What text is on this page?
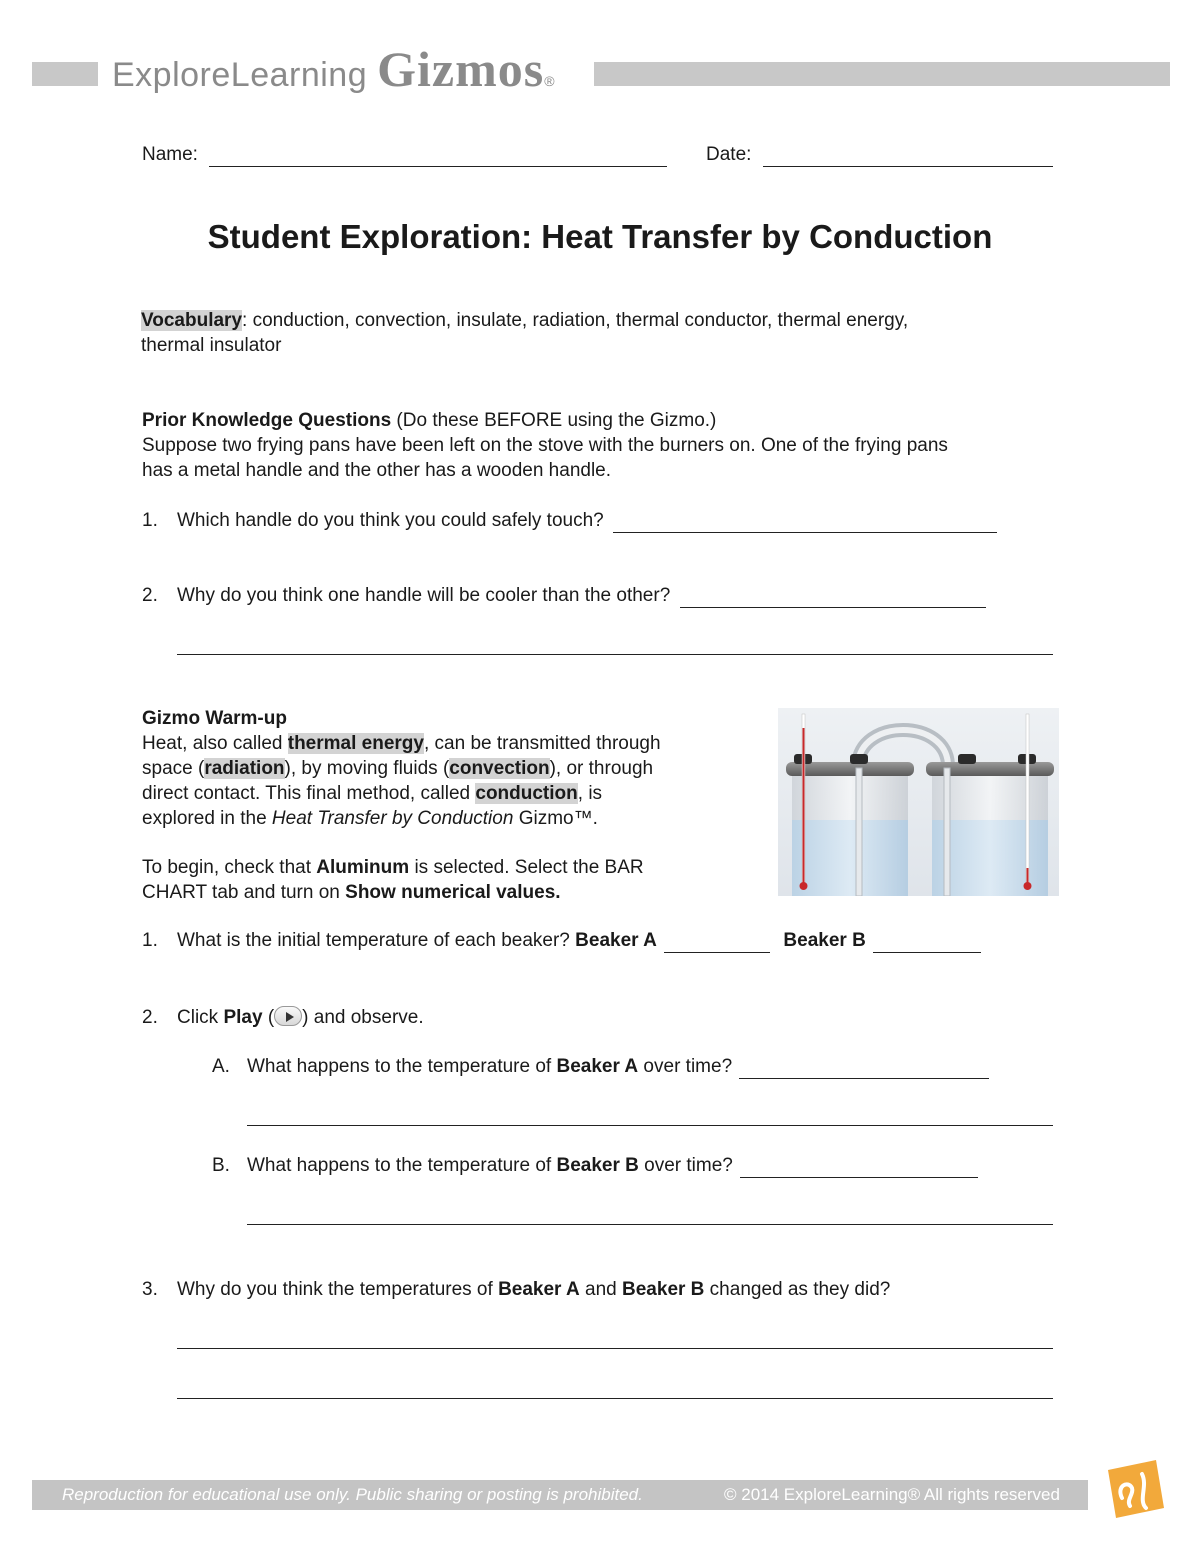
ExploreLearning Gizmos ®
Name:	Date:
Student Exploration: Heat Transfer by Conduction
Vocabulary: conduction, convection, insulate, radiation, thermal conductor, thermal energy,
thermal insulator
Prior Knowledge Questions (Do these BEFORE using the Gizmo.)
Suppose two frying pans have been left on the stove with the burners on. One of the frying pans
has a metal handle and the other has a wooden handle.
1. Which handle do you think you could safely touch?
2. Why do you think one handle will be cooler than the other?
Gizmo Warm-up
Heat, also called thermal energy, can be transmitted through
space (radiation), by moving fluids (convection), or through
direct contact. This final method, called conduction, is
explored in the Heat Transfer by Conduction Gizmo™.
To begin, check that Aluminum is selected. Select the BAR
CHART tab and turn on Show numerical values.
1. What is the initial temperature of each beaker? Beaker A	Beaker B
2. Click Play ( ) and observe.
A. What happens to the temperature of Beaker A over time?
B. What happens to the temperature of Beaker B over time?
3. Why do you think the temperatures of Beaker A and Beaker B changed as they did?
Reproduction for educational use only. Public sharing or posting is prohibited.	© 2014 ExploreLearning® All rights reserved
